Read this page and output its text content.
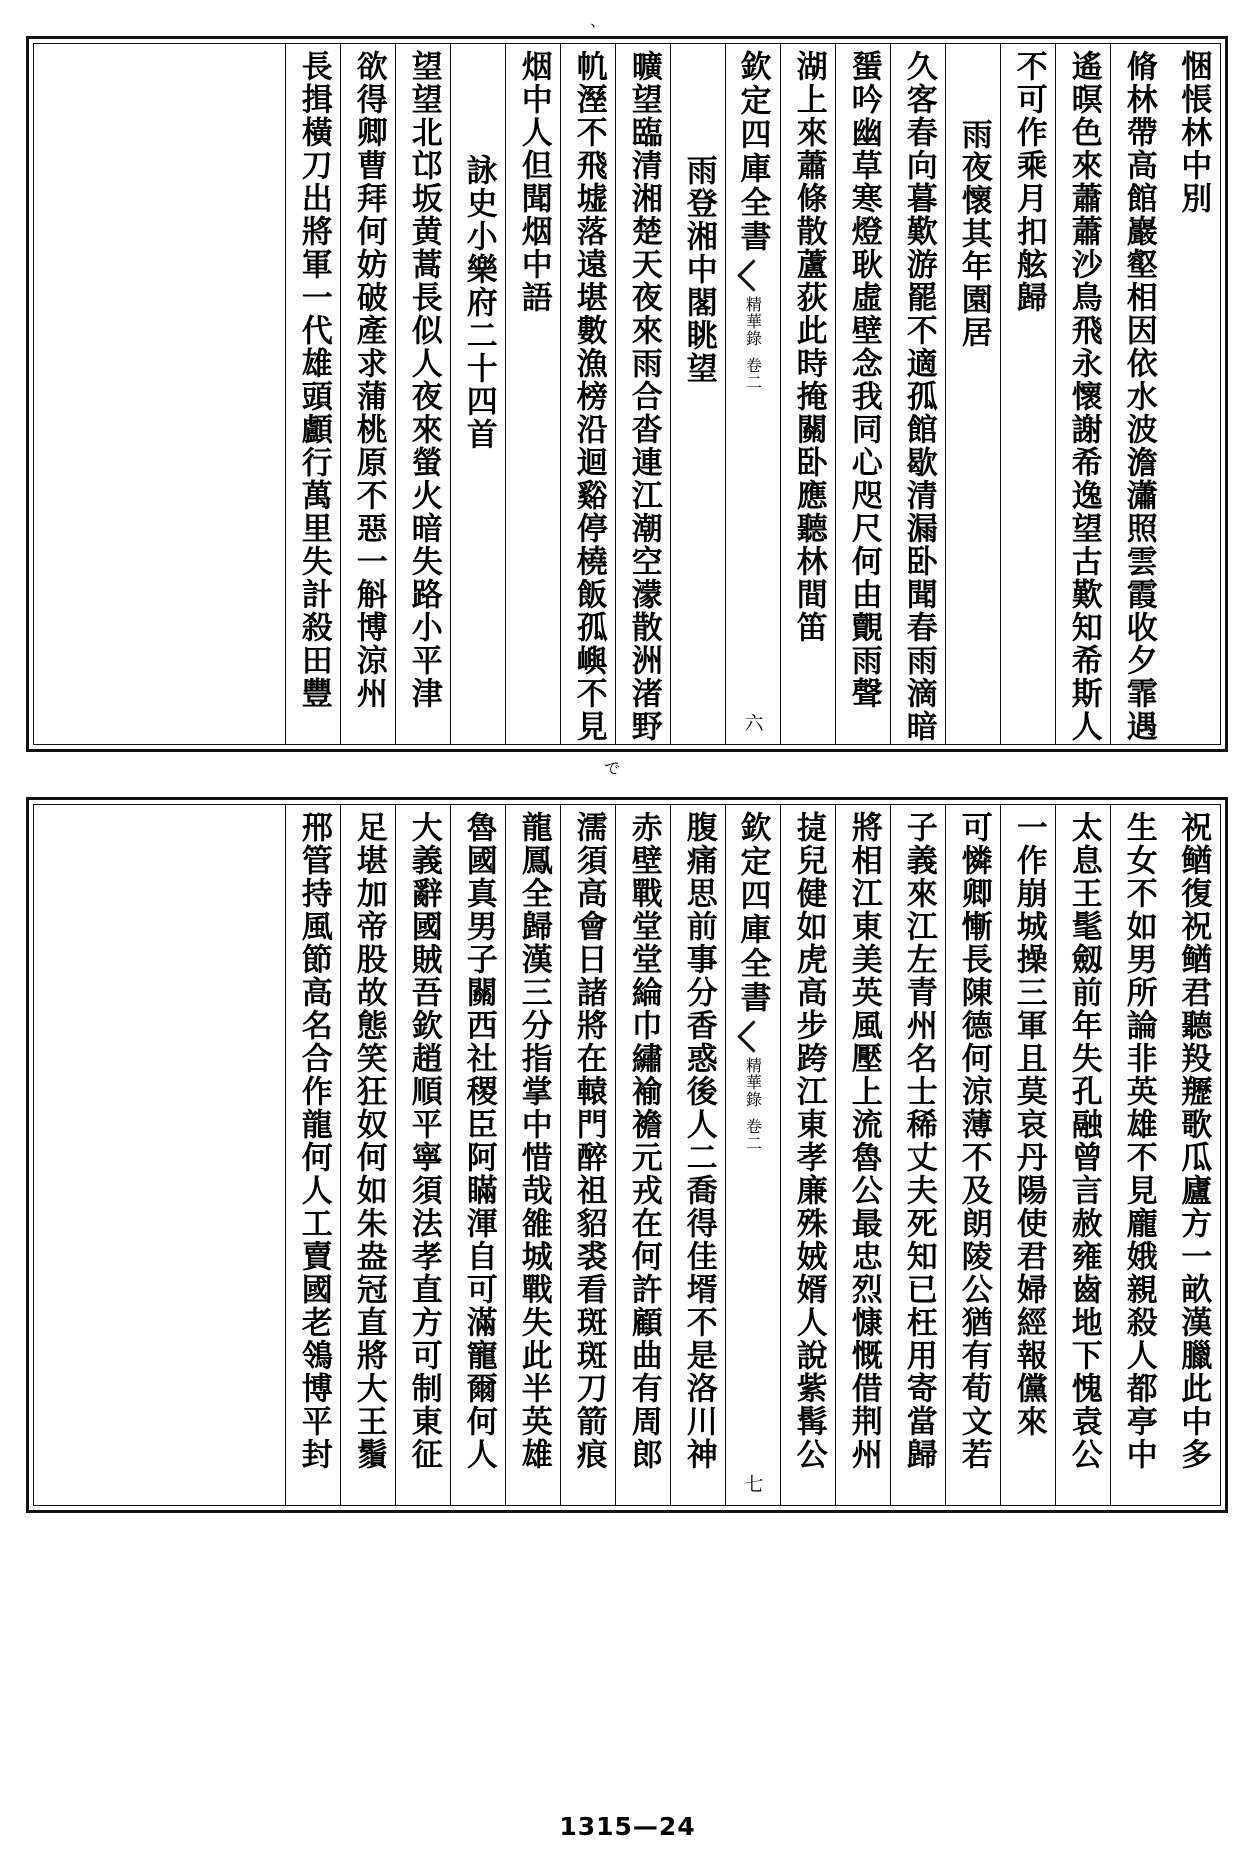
、
悃悵林中別
脩林帶高館巖壑相因依水波澹瀟照雲霞收夕霏遇
遙暝色來蕭蕭沙鳥飛永懷謝希逸望古歎知希斯人
不可作乘月扣舷歸
雨夜懷其年園居
久客春向暮歎游罷不適孤館歇清漏卧聞春雨滴暗
蜑吟幽草寒燈耿虛壁念我同心咫尺何由覿雨聲
湖上來蕭條散蘆荻此時掩關卧應聽林間笛
欽定四庫全書
精華錄
卷二
六
雨登湘中閣眺望
曠望臨清湘楚天夜來雨合沓連江潮空濛散洲渚野
㠶溼不飛墟落遠堪數漁榜沿迴谿停橈飯孤嶼不見
烟中人但聞烟中語
詠史小樂府二十四首
望望北邙坂黄蒿長似人夜來螢火暗失路小平津
欲得卿曹拜何妨破產求蒲桃原不惡一斛博涼州
長揖橫刀出將軍一代雄頭顱行萬里失計殺田豐
で
祝䲡復祝䲡君聽羖䍽歌瓜廬方一畝漢臘此中多
生女不如男所論非英雄不見龐娥親殺人都亭中
太息王髦劔前年失孔融曾言赦雍齒地下愧袁公
一作崩城操三軍且莫哀丹陽使君婦經報儻來
可憐卿慚長陳德何涼薄不及朗陵公猶有荀文若
子義來江左青州名士稀丈夫死知已枉用寄當歸
將相江東美英風壓上流魯公最忠烈慷慨借荆州
㨗兒健如虎高步跨江東孝廉殊娀婿人說紫髯公
欽定四庫全書
精華錄
卷二
七
腹痛思前事分香惑後人二喬得佳壻不是洛川神
赤壁戰堂堂綸巾繡褕襜元戎在何許顧曲有周郎
濡須高會日諸將在轅門醉祖貂裘看斑斑刀箭痕
龍鳳全歸漢三分指掌中惜哉雒城戰失此半英雄
魯國真男子關西社稷臣阿瞞渾自可滿寵爾何人
大義辭國賊吾欽趙順平寧須法孝直方可制東征
足堪加帝股故態笑狂奴何如朱盎冠直將大王鬚
郉管持風節高名合作龍何人工賣國老鴒博平封
1315—24
